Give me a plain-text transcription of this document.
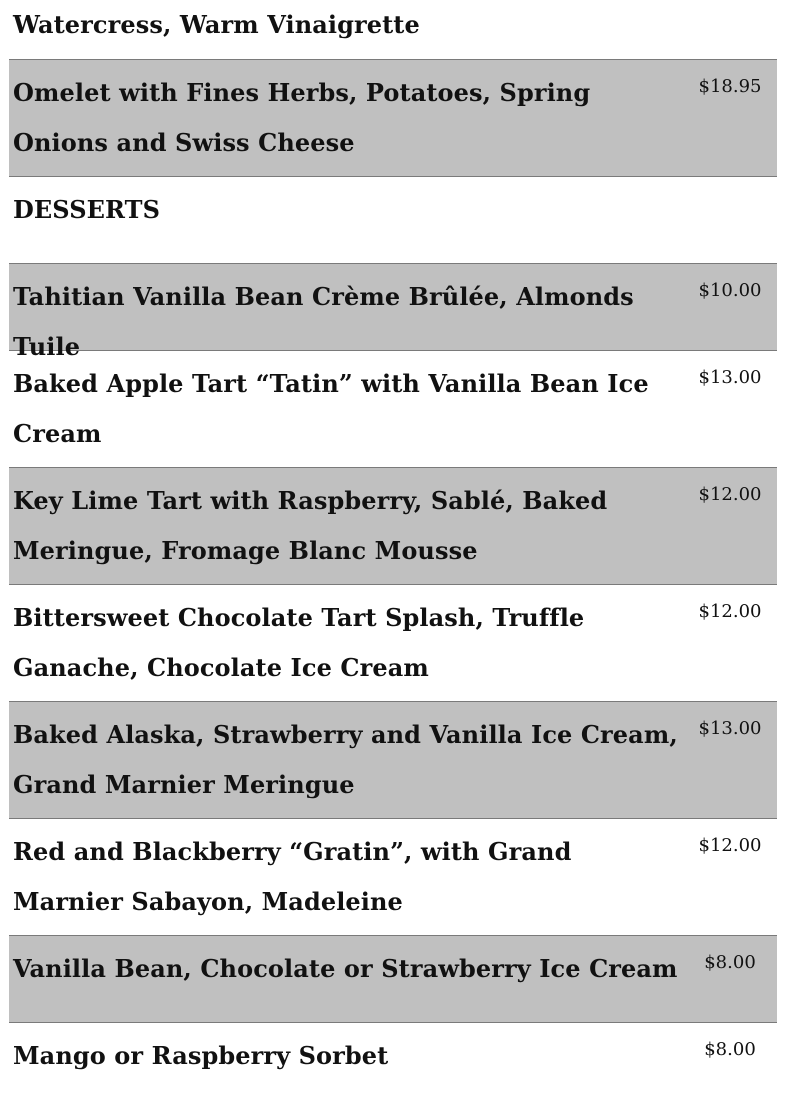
Watercress, Warm Vinaigrette
Omelet with Fines Herbs, Potatoes, Spring Onions and Swiss Cheese
$18.95
DESSERTS
Tahitian Vanilla Bean Crème Brûlée, Almonds Tuile
$10.00
Baked Apple Tart “Tatin” with Vanilla Bean Ice Cream
$13.00
Key Lime Tart with Raspberry, Sablé, Baked Meringue, Fromage Blanc Mousse
$12.00
Bittersweet Chocolate Tart Splash, Truffle Ganache, Chocolate Ice Cream
$12.00
Baked Alaska, Strawberry and Vanilla Ice Cream, Grand Marnier Meringue
$13.00
Red and Blackberry “Gratin”, with Grand Marnier Sabayon, Madeleine
$12.00
Vanilla Bean, Chocolate or Strawberry Ice Cream	$8.00
Mango or Raspberry Sorbet	$8.00
